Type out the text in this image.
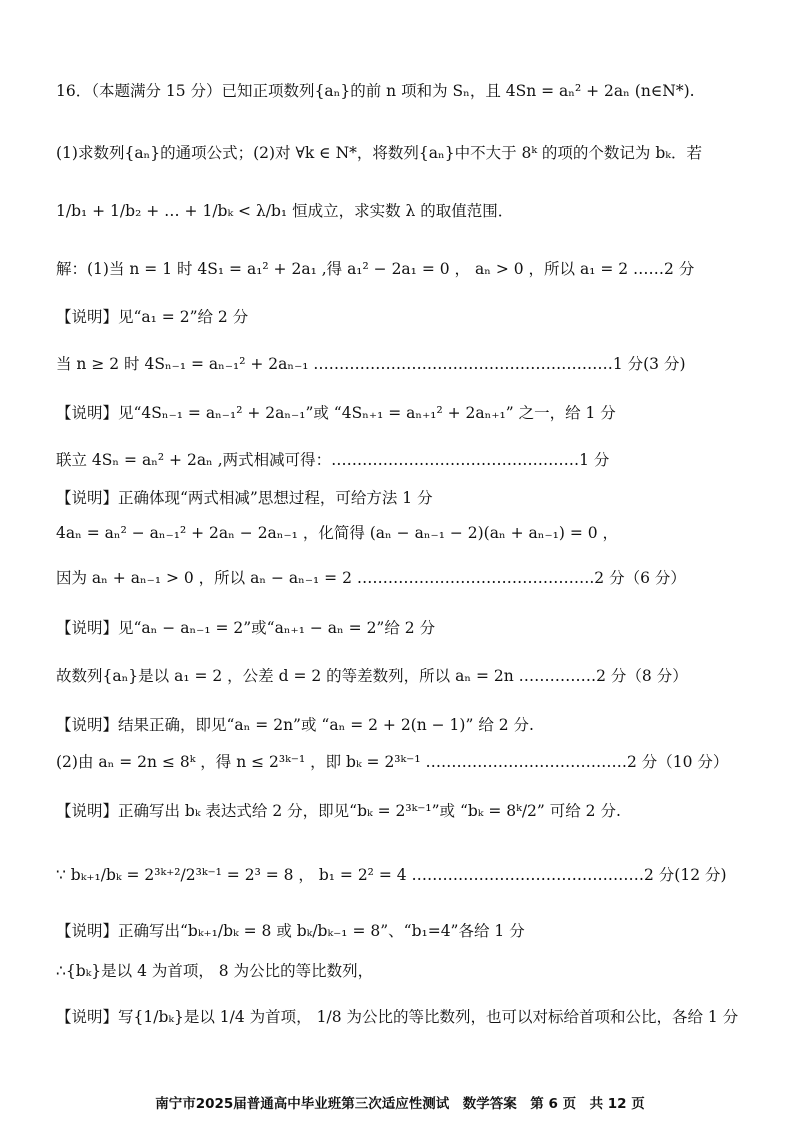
16．（本题满分 15 分）已知正项数列{aₙ}的前 n 项和为 Sₙ，且 4Sn = aₙ² + 2aₙ (n∈N*).
(1)求数列{aₙ}的通项公式；(2)对 ∀k ∈ N*，将数列{aₙ}中不大于 8ᵏ 的项的个数记为 bₖ．若
1/b₁ + 1/b₂ + … + 1/bₖ < λ/b₁ 恒成立，求实数 λ 的取值范围．
解：(1)当 n = 1 时 4S₁ = a₁² + 2a₁ ,得 a₁² − 2a₁ = 0 ， aₙ > 0 ，所以 a₁ = 2 ……2 分
【说明】见“a₁ = 2”给 2 分
当 n ≥ 2 时 4Sₙ₋₁ = aₙ₋₁² + 2aₙ₋₁ .…………………………………………………1 分(3 分)
【说明】见“4Sₙ₋₁ = aₙ₋₁² + 2aₙ₋₁”或 “4Sₙ₊₁ = aₙ₊₁² + 2aₙ₊₁” 之一，给 1 分
联立 4Sₙ = aₙ² + 2aₙ ,两式相减可得：…………………………………………1 分
【说明】正确体现“两式相减”思想过程，可给方法 1 分
4aₙ = aₙ² − aₙ₋₁² + 2aₙ − 2aₙ₋₁ ，化简得 (aₙ − aₙ₋₁ − 2)(aₙ + aₙ₋₁) = 0 ，
因为 aₙ + aₙ₋₁ > 0 ，所以 aₙ − aₙ₋₁ = 2 ……………………………………….2 分（6 分）
【说明】见“aₙ − aₙ₋₁ = 2”或“aₙ₊₁ − aₙ = 2”给 2 分
故数列{aₙ}是以 a₁ = 2 ，公差 d = 2 的等差数列，所以 aₙ = 2n ……………2 分（8 分）
【说明】结果正确，即见“aₙ = 2n”或 “aₙ = 2 + 2(n − 1)” 给 2 分.
(2)由 aₙ = 2n ≤ 8ᵏ ，得 n ≤ 2³ᵏ⁻¹ ，即 bₖ = 2³ᵏ⁻¹ …………………………………2 分（10 分）
【说明】正确写出 bₖ 表达式给 2 分，即见“bₖ = 2³ᵏ⁻¹”或 “bₖ = 8ᵏ/2” 可给 2 分.
∵ bₖ₊₁/bₖ = 2³ᵏ⁺²/2³ᵏ⁻¹ = 2³ = 8 ， b₁ = 2² = 4 ………………………………………2 分(12 分)
【说明】正确写出“bₖ₊₁/bₖ = 8 或 bₖ/bₖ₋₁ = 8”、“b₁=4”各给 1 分
∴{bₖ}是以 4 为首项， 8 为公比的等比数列，
【说明】写{1/bₖ}是以 1/4 为首项， 1/8 为公比的等比数列，也可以对标给首项和公比，各给 1 分
南宁市2025届普通高中毕业班第三次适应性测试　数学答案　第 6 页　共 12 页
